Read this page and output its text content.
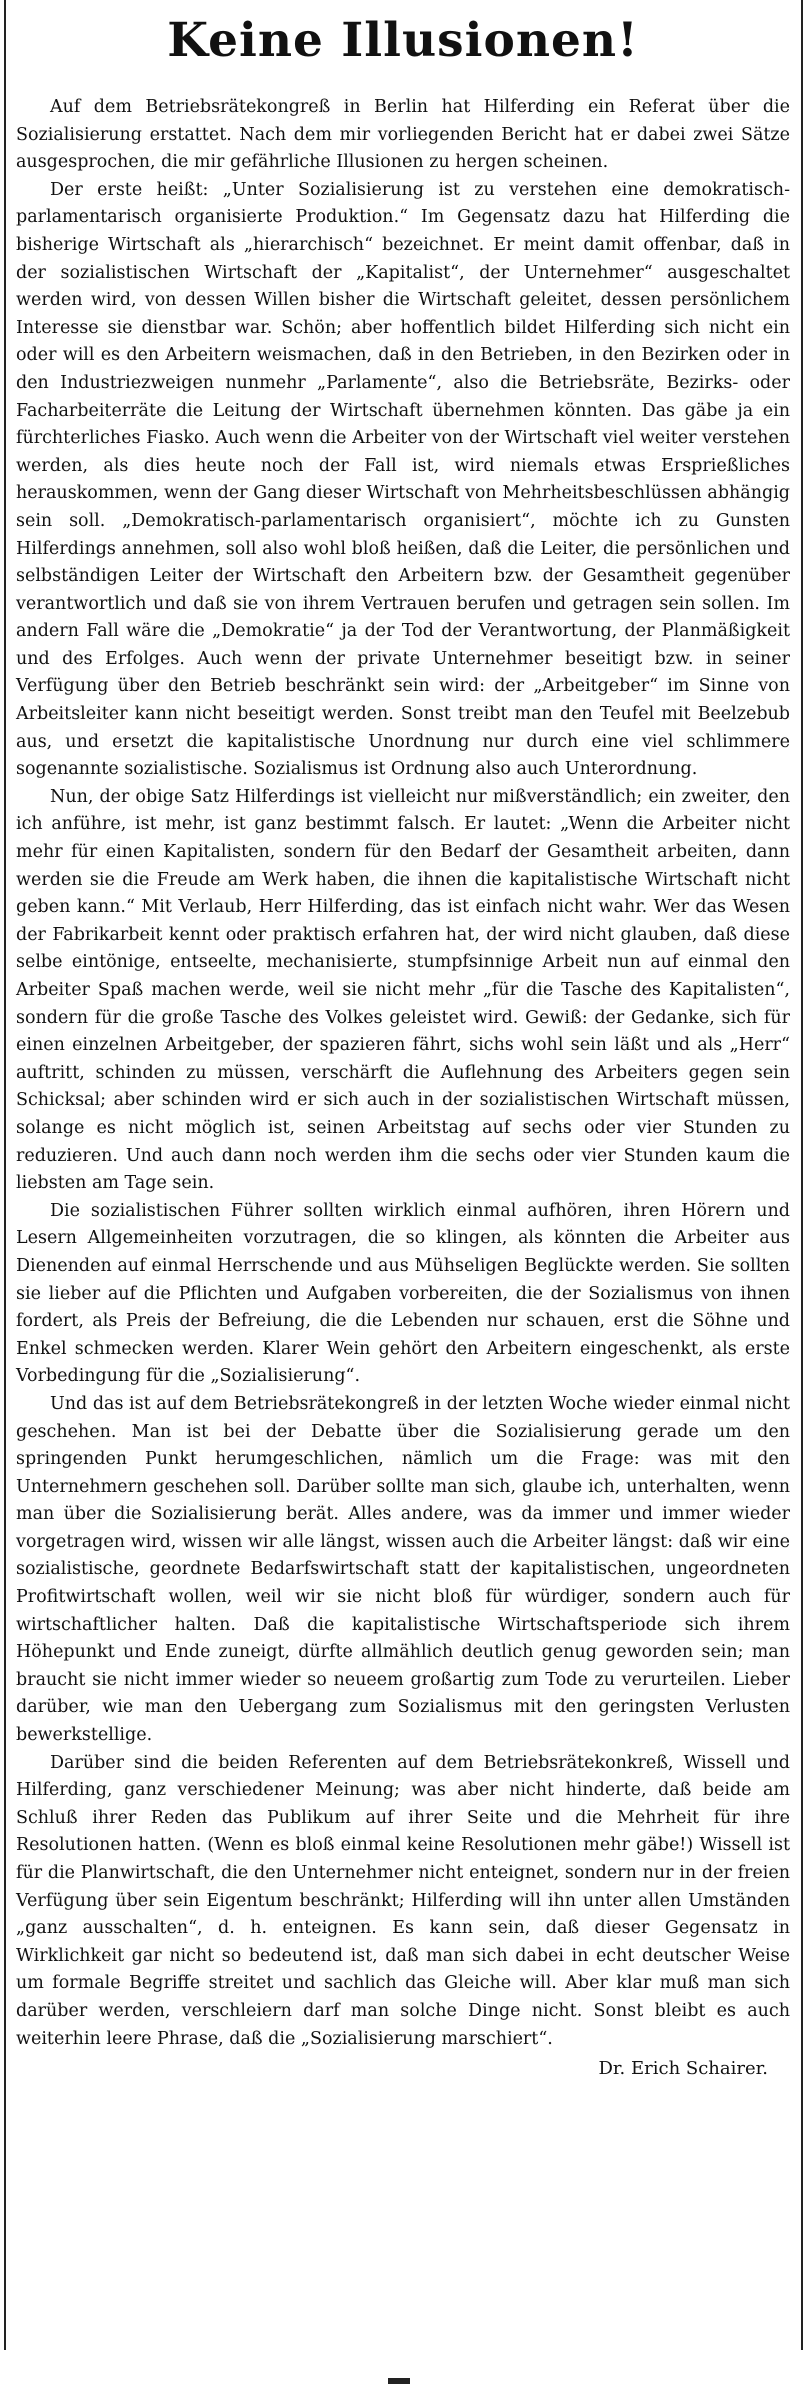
Keine Illusionen!

Auf dem Betriebsrätekongreß in Berlin hat Hilferding ein Referat über die Sozialisierung erstattet. Nach dem mir vorliegenden Bericht hat er dabei zwei Sätze ausgesprochen, die mir gefährliche Illusionen zu hergen scheinen.

Der erste heißt: „Unter Sozialisierung ist zu verstehen eine demokratisch-parlamentarisch organisierte Produktion.“ Im Gegensatz dazu hat Hilferding die bisherige Wirtschaft als „hierarchisch“ bezeichnet. Er meint damit offenbar, daß in der sozialistischen Wirtschaft der „Kapitalist“, der Unternehmer“ ausgeschaltet werden wird, von dessen Willen bisher die Wirtschaft geleitet, dessen persönlichem Interesse sie dienstbar war. Schön; aber hoffentlich bildet Hilferding sich nicht ein oder will es den Arbeitern weismachen, daß in den Betrieben, in den Bezirken oder in den Industriezweigen nunmehr „Parlamente“, also die Betriebsräte, Bezirks- oder Facharbeiterräte die Leitung der Wirtschaft übernehmen könnten. Das gäbe ja ein fürchterliches Fiasko. Auch wenn die Arbeiter von der Wirtschaft viel weiter verstehen werden, als dies heute noch der Fall ist, wird niemals etwas Ersprießliches herauskommen, wenn der Gang dieser Wirtschaft von Mehrheitsbeschlüssen abhängig sein soll. „Demokratisch-parlamentarisch organisiert“, möchte ich zu Gunsten Hilferdings annehmen, soll also wohl bloß heißen, daß die Leiter, die persönlichen und selbständigen Leiter der Wirtschaft den Arbeitern bzw. der Gesamtheit gegenüber verantwortlich und daß sie von ihrem Vertrauen berufen und getragen sein sollen. Im andern Fall wäre die „Demokratie“ ja der Tod der Verantwortung, der Planmäßigkeit und des Erfolges. Auch wenn der private Unternehmer beseitigt bzw. in seiner Verfügung über den Betrieb beschränkt sein wird: der „Arbeitgeber“ im Sinne von Arbeitsleiter kann nicht beseitigt werden. Sonst treibt man den Teufel mit Beelzebub aus, und ersetzt die kapitalistische Unordnung nur durch eine viel schlimmere sogenannte sozialistische. Sozialismus ist Ordnung also auch Unterordnung.

Nun, der obige Satz Hilferdings ist vielleicht nur mißverständlich; ein zweiter, den ich anführe, ist mehr, ist ganz bestimmt falsch. Er lautet: „Wenn die Arbeiter nicht mehr für einen Kapitalisten, sondern für den Bedarf der Gesamtheit arbeiten, dann werden sie die Freude am Werk haben, die ihnen die kapitalistische Wirtschaft nicht geben kann.“ Mit Verlaub, Herr Hilferding, das ist einfach nicht wahr. Wer das Wesen der Fabrikarbeit kennt oder praktisch erfahren hat, der wird nicht glauben, daß diese selbe eintönige, entseelte, mechanisierte, stumpfsinnige Arbeit nun auf einmal den Arbeiter Spaß machen werde, weil sie nicht mehr „für die Tasche des Kapitalisten“, sondern für die große Tasche des Volkes geleistet wird. Gewiß: der Gedanke, sich für einen einzelnen Arbeitgeber, der spazieren fährt, sichs wohl sein läßt und als „Herr“ auftritt, schinden zu müssen, verschärft die Auflehnung des Arbeiters gegen sein Schicksal; aber schinden wird er sich auch in der sozialistischen Wirtschaft müssen, solange es nicht möglich ist, seinen Arbeitstag auf sechs oder vier Stunden zu reduzieren. Und auch dann noch werden ihm die sechs oder vier Stunden kaum die liebsten am Tage sein.

Die sozialistischen Führer sollten wirklich einmal aufhören, ihren Hörern und Lesern Allgemeinheiten vorzutragen, die so klingen, als könnten die Arbeiter aus Dienenden auf einmal Herrschende und aus Mühseligen Beglückte werden. Sie sollten sie lieber auf die Pflichten und Aufgaben vorbereiten, die der Sozialismus von ihnen fordert, als Preis der Befreiung, die die Lebenden nur schauen, erst die Söhne und Enkel schmecken werden. Klarer Wein gehört den Arbeitern eingeschenkt, als erste Vorbedingung für die „Sozialisierung“.

Und das ist auf dem Betriebsrätekongreß in der letzten Woche wieder einmal nicht geschehen. Man ist bei der Debatte über die Sozialisierung gerade um den springenden Punkt herumgeschlichen, nämlich um die Frage: was mit den Unternehmern geschehen soll. Darüber sollte man sich, glaube ich, unterhalten, wenn man über die Sozialisierung berät. Alles andere, was da immer und immer wieder vorgetragen wird, wissen wir alle längst, wissen auch die Arbeiter längst: daß wir eine sozialistische, geordnete Bedarfswirtschaft statt der kapitalistischen, ungeordneten Profitwirtschaft wollen, weil wir sie nicht bloß für würdiger, sondern auch für wirtschaftlicher halten. Daß die kapitalistische Wirtschaftsperiode sich ihrem Höhepunkt und Ende zuneigt, dürfte allmählich deutlich genug geworden sein; man braucht sie nicht immer wieder so neueem großartig zum Tode zu verurteilen. Lieber darüber, wie man den Uebergang zum Sozialismus mit den geringsten Verlusten bewerkstellige.

Darüber sind die beiden Referenten auf dem Betriebsrätekonkreß, Wissell und Hilferding, ganz verschiedener Meinung; was aber nicht hinderte, daß beide am Schluß ihrer Reden das Publikum auf ihrer Seite und die Mehrheit für ihre Resolutionen hatten. (Wenn es bloß einmal keine Resolutionen mehr gäbe!) Wissell ist für die Planwirtschaft, die den Unternehmer nicht enteignet, sondern nur in der freien Verfügung über sein Eigentum beschränkt; Hilferding will ihn unter allen Umständen „ganz ausschalten“, d. h. enteignen. Es kann sein, daß dieser Gegensatz in Wirklichkeit gar nicht so bedeutend ist, daß man sich dabei in echt deutscher Weise um formale Begriffe streitet und sachlich das Gleiche will. Aber klar muß man sich darüber werden, verschleiern darf man solche Dinge nicht. Sonst bleibt es auch weiterhin leere Phrase, daß die „Sozialisierung marschiert“.

Dr. Erich Schairer.
